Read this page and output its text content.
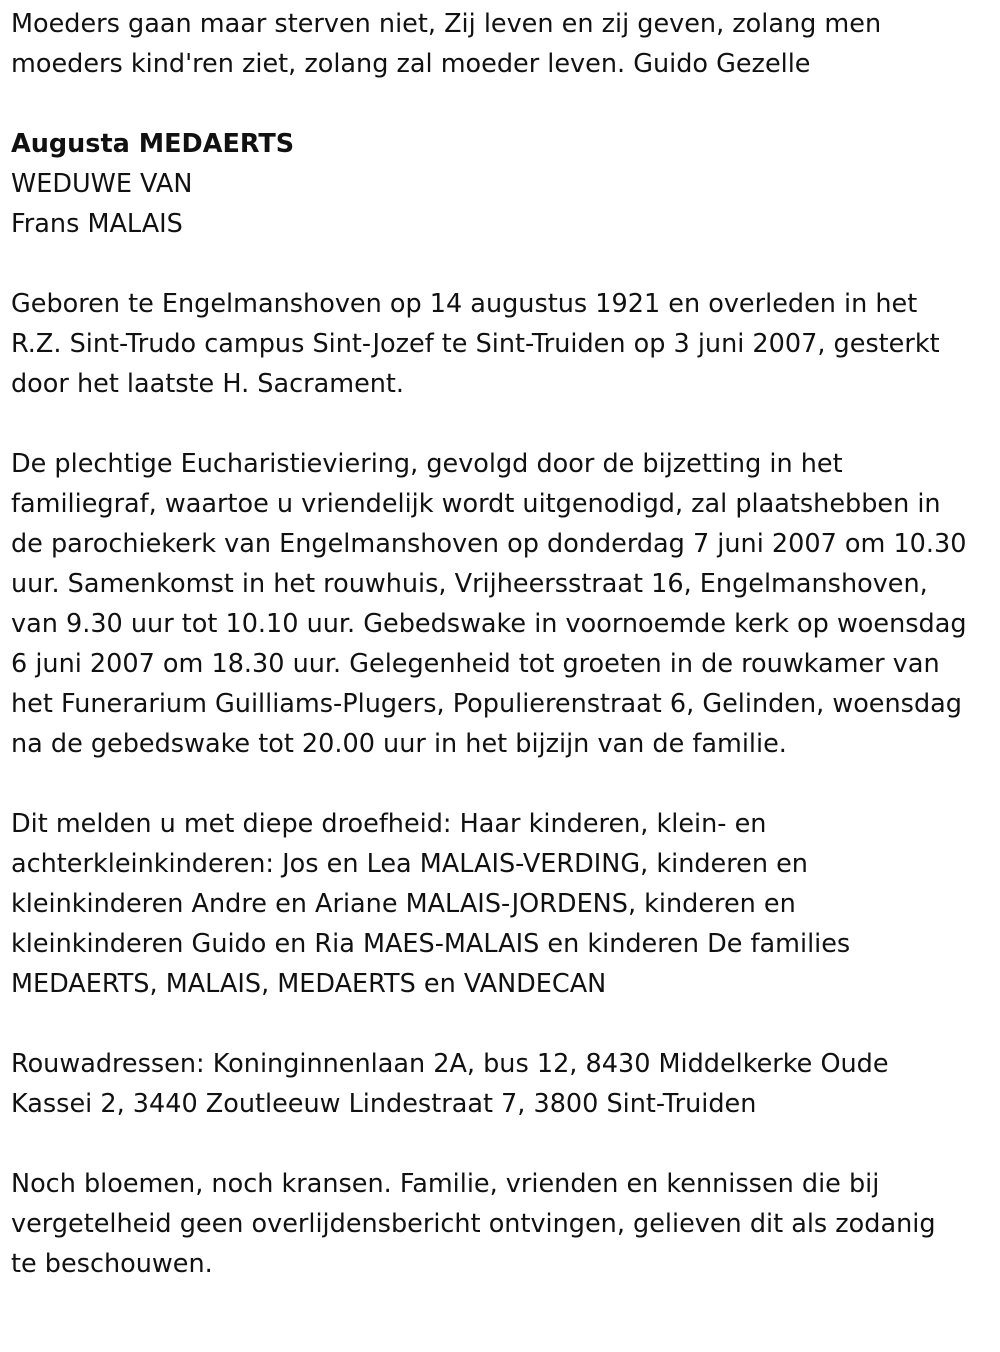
Moeders gaan maar sterven niet, Zij leven en zij geven, zolang men moeders kind'ren ziet, zolang zal moeder leven. Guido Gezelle

Augusta MEDAERTS

WEDUWE VAN

Frans MALAIS

Geboren te Engelmanshoven op 14 augustus 1921 en overleden in het R.Z. Sint-Trudo campus Sint-Jozef te Sint-Truiden op 3 juni 2007, gesterkt door het laatste H. Sacrament.

De plechtige Eucharistieviering, gevolgd door de bijzetting in het familiegraf, waartoe u vriendelijk wordt uitgenodigd, zal plaatshebben in de parochiekerk van Engelmanshoven op donderdag 7 juni 2007 om 10.30 uur. Samenkomst in het rouwhuis, Vrijheersstraat 16, Engelmanshoven, van 9.30 uur tot 10.10 uur. Gebedswake in voornoemde kerk op woensdag 6 juni 2007 om 18.30 uur. Gelegenheid tot groeten in de rouwkamer van het Funerarium Guilliams-Plugers, Populierenstraat 6, Gelinden, woensdag na de gebedswake tot 20.00 uur in het bijzijn van de familie.

Dit melden u met diepe droefheid: Haar kinderen, klein- en achterkleinkinderen: Jos en Lea MALAIS-VERDING, kinderen en kleinkinderen Andre en Ariane MALAIS-JORDENS, kinderen en kleinkinderen Guido en Ria MAES-MALAIS en kinderen De families MEDAERTS, MALAIS, MEDAERTS en VANDECAN

Rouwadressen: Koninginnenlaan 2A, bus 12, 8430 Middelkerke Oude Kassei 2, 3440 Zoutleeuw Lindestraat 7, 3800 Sint-Truiden

Noch bloemen, noch kransen. Familie, vrienden en kennissen die bij vergetelheid geen overlijdensbericht ontvingen, gelieven dit als zodanig te beschouwen.
